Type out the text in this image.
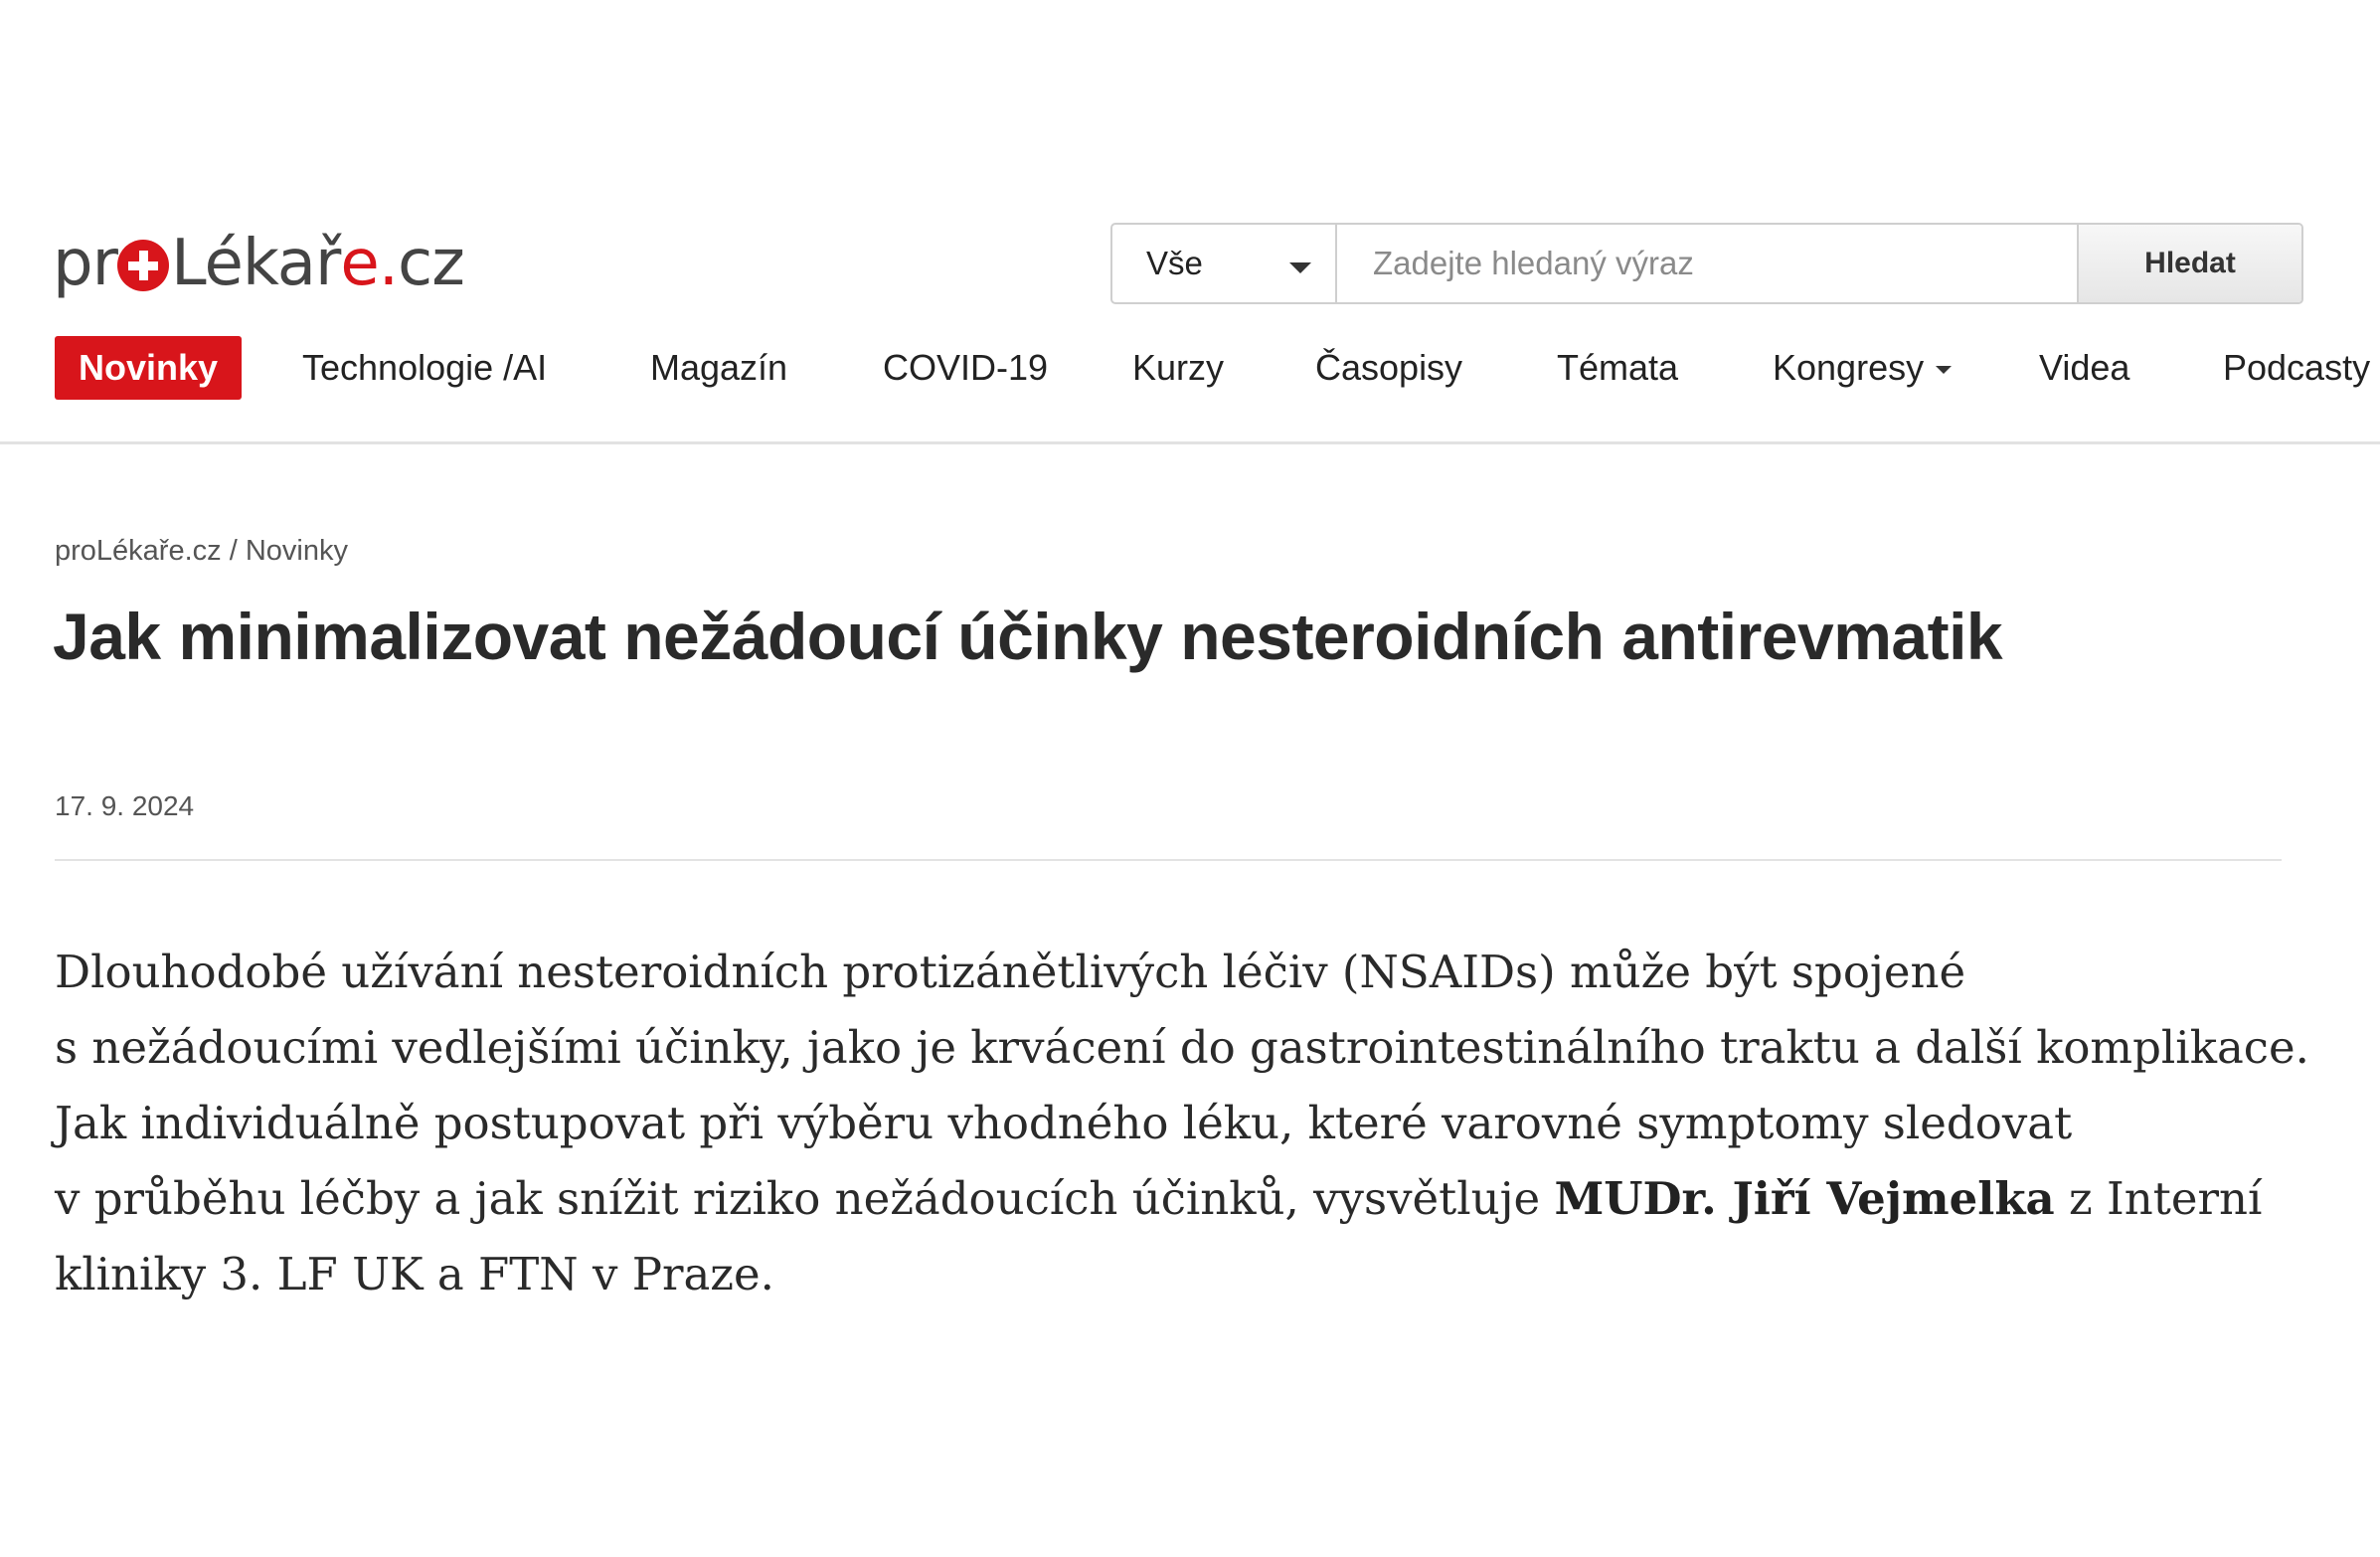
pr Lékař e. cz	Vše
Zadejte hledaný výraz	Hledat
Novinky	Technologie /AI	Magazín	COVID-19 Kurzy	Časopisy	Témata	Kongresy	Videa	Podcasty
proLékaře.cz / Novinky
Jak minimalizovat nežádoucí účinky nesteroidních antirevmatik
17. 9. 2024

Dlouhodobé užívání nesteroidních protizánětlivých léčiv (NSAIDs) může být spojené
s nežádoucími vedlejšími účinky, jako je krvácení do gastrointestinálního traktu a další komplikace.
Jak individuálně postupovat při výběru vhodného léku, které varovné symptomy sledovat
v průběhu léčby a jak snížit riziko nežádoucích účinků, vysvětluje MUDr. Jiří Vejmelka z Interní
kliniky 3. LF UK a FTN v Praze.
